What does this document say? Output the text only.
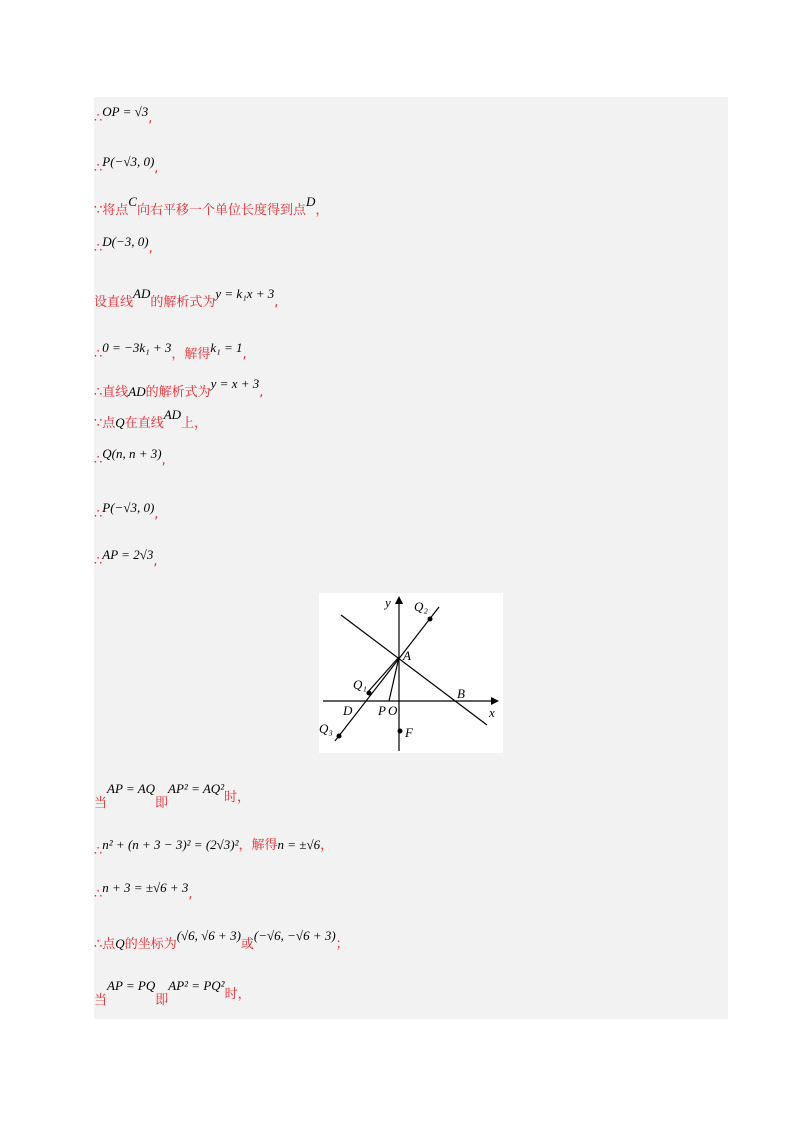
∴OP = √3,
∴P(−√3, 0),
∵将点C向右平移一个单位长度得到点D，
∴D(−3, 0),
设直线AD的解析式为y = k₁x + 3,
∴0 = −3k₁ + 3，解得k₁ = 1,
∴直线AD的解析式为y = x + 3,
∵点Q在直线AD上，
∴Q(n, n + 3),
∴P(−√3, 0),
∴AP = 2√3,
y
x
Q₂
A
Q₁
B
D P O
Q₃	F
当AP = AQ即AP² = AQ²时，
∴n² + (n + 3 − 3)² = (2√3)²，解得n = ±√6，
∴n + 3 = ±√6 + 3,
∴点Q的坐标为(√6, √6 + 3)或(−√6, −√6 + 3)；
当AP = PQ即AP² = PQ²时，
